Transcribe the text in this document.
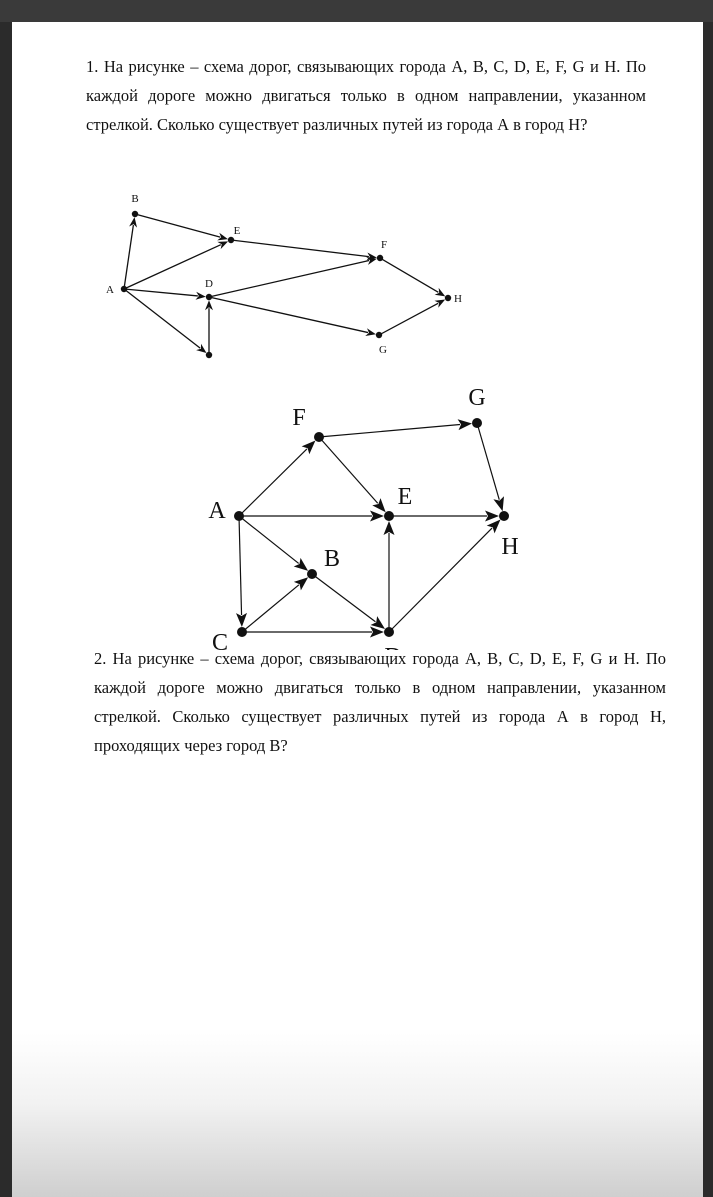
1. На рисунке – схема дорог, связывающих города А, В, С, D, E, F, G и Н. По каждой дороге можно двигаться только в одном направлении, указанном стрелкой. Сколько существует различных путей из города А в город Н?

A
B
D
E
F
G
H
A
B
C
E
F
G
H

2. На рисунке – схема дорог, связывающих города А, В, С, D, E, F, G и Н. По каждой дороге можно двигаться только в одном направлении, указанном стрелкой. Сколько существует различных путей из города А в город Н, проходящих через город В?
